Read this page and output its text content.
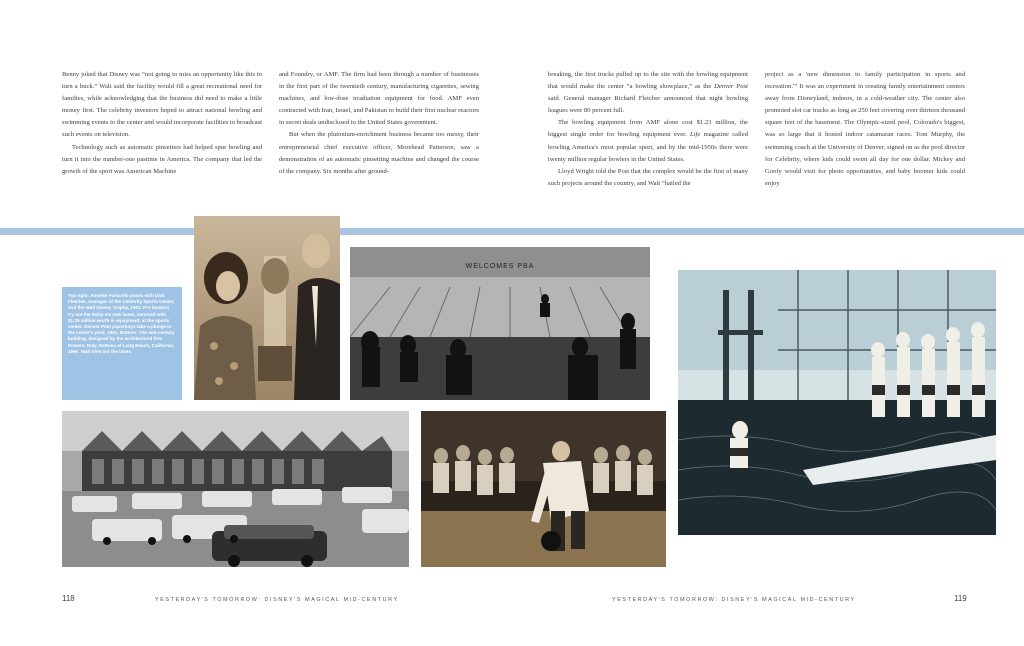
Benny joked that Disney was “not going to miss an opportunity like this to turn a buck.” Walt said the facility would fill a great recreational need for families, while acknowledging that the business did need to make a little money first. The celebrity investors hoped to attract national bowling and swimming events to the center and would incorporate facilities to broadcast such events on television.

Technology such as automatic pinsetters had helped spur bowling and turn it into the number-one pastime in America. The company that led the growth of the sport was American Machine

and Foundry, or AMF. The firm had been through a number of businesses in the first part of the twentieth century, manufacturing cigarettes, sewing machines, and low-dose irradiation equipment for food. AMF even contracted with Iran, Israel, and Pakistan to build their first nuclear reactors in secret deals undisclosed to the United States government.

But when the plutonium-enrichment business became too messy, their entrepreneurial chief executive officer, Morehead Patterson, saw a demonstration of an automatic pinsetting machine and changed the course of the company. Six months after ground-

breaking, the first trucks pulled up to the site with the bowling equipment that would make the center “a bowling showplace,” as the Denver Post said. General manager Richard Fletcher announced that night bowling leagues were 80 percent full.

The bowling equipment from AMF alone cost $1.23 million, the biggest single order for bowling equipment ever. Life magazine called bowling America's most popular sport, and by the mid-1950s there were twenty million regular bowlers in the United States.

Lloyd Wright told the Post that the complex would be the first of many such projects around the country, and Walt “hailed the

project as a 'new dimension to family participation in sports and recreation.'” It was an experiment in creating family entertainment centers away from Disneyland, indoors, in a cold-weather city. The center also promoted slot car tracks as long as 250 feet covering over thirteen thousand square feet of the basement. The Olympic-sized pool, Colorado's biggest, was so large that it hosted indoor catamaran races. Tom Murphy, the swimming coach at the University of Denver, signed on as the pool director for Celebrity, where kids could swim all day for one dollar. Mickey and Goofy would visit for photo opportunities, and baby boomer kids could enjoy

Top right: Annette Funicello poses with Dick Fletcher, manager of the Celebrity Sports Center, and the Walt Disney Trophy, 1962. Pro bowlers try out the thirty-six new lanes, serviced with $1.25 million worth in equipment, at the sports center. Denver Post paperboys take a plunge in the center's pool, 1961. Bottom: The mid-century building, designed by the architectural firm Powers, Daly, DeRosa of Long Beach, California, 1960. Walt tries out the lanes.

WELCOMES PBA
118	YESTERDAY'S TOMORROW: DISNEY'S MAGICAL MID-CENTURY	YESTERDAY'S TOMORROW: DISNEY'S MAGICAL MID-CENTURY	119
